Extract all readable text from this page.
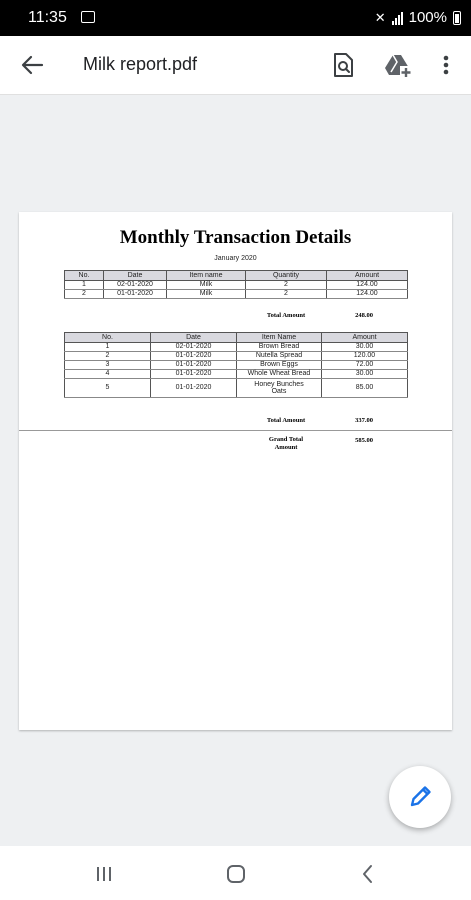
11:35	✕ 100%
Milk report.pdf
Monthly Transaction Details
January 2020
No.	Date	Item name	Quantity	Amount
1	02-01-2020	Milk	2	124.00
2	01-01-2020	Milk	2	124.00
Total Amount	248.00
No.	Date	Item Name	Amount
1	02-01-2020	Brown Bread	30.00
2	01-01-2020	Nutella Spread	120.00
3	01-01-2020	Brown Eggs	72.00
4	01-01-2020	Whole Wheat Bread	30.00
5	01-01-2020	Honey Bunches Oats	85.00
Total Amount	337.00
Grand Total Amount
585.00
